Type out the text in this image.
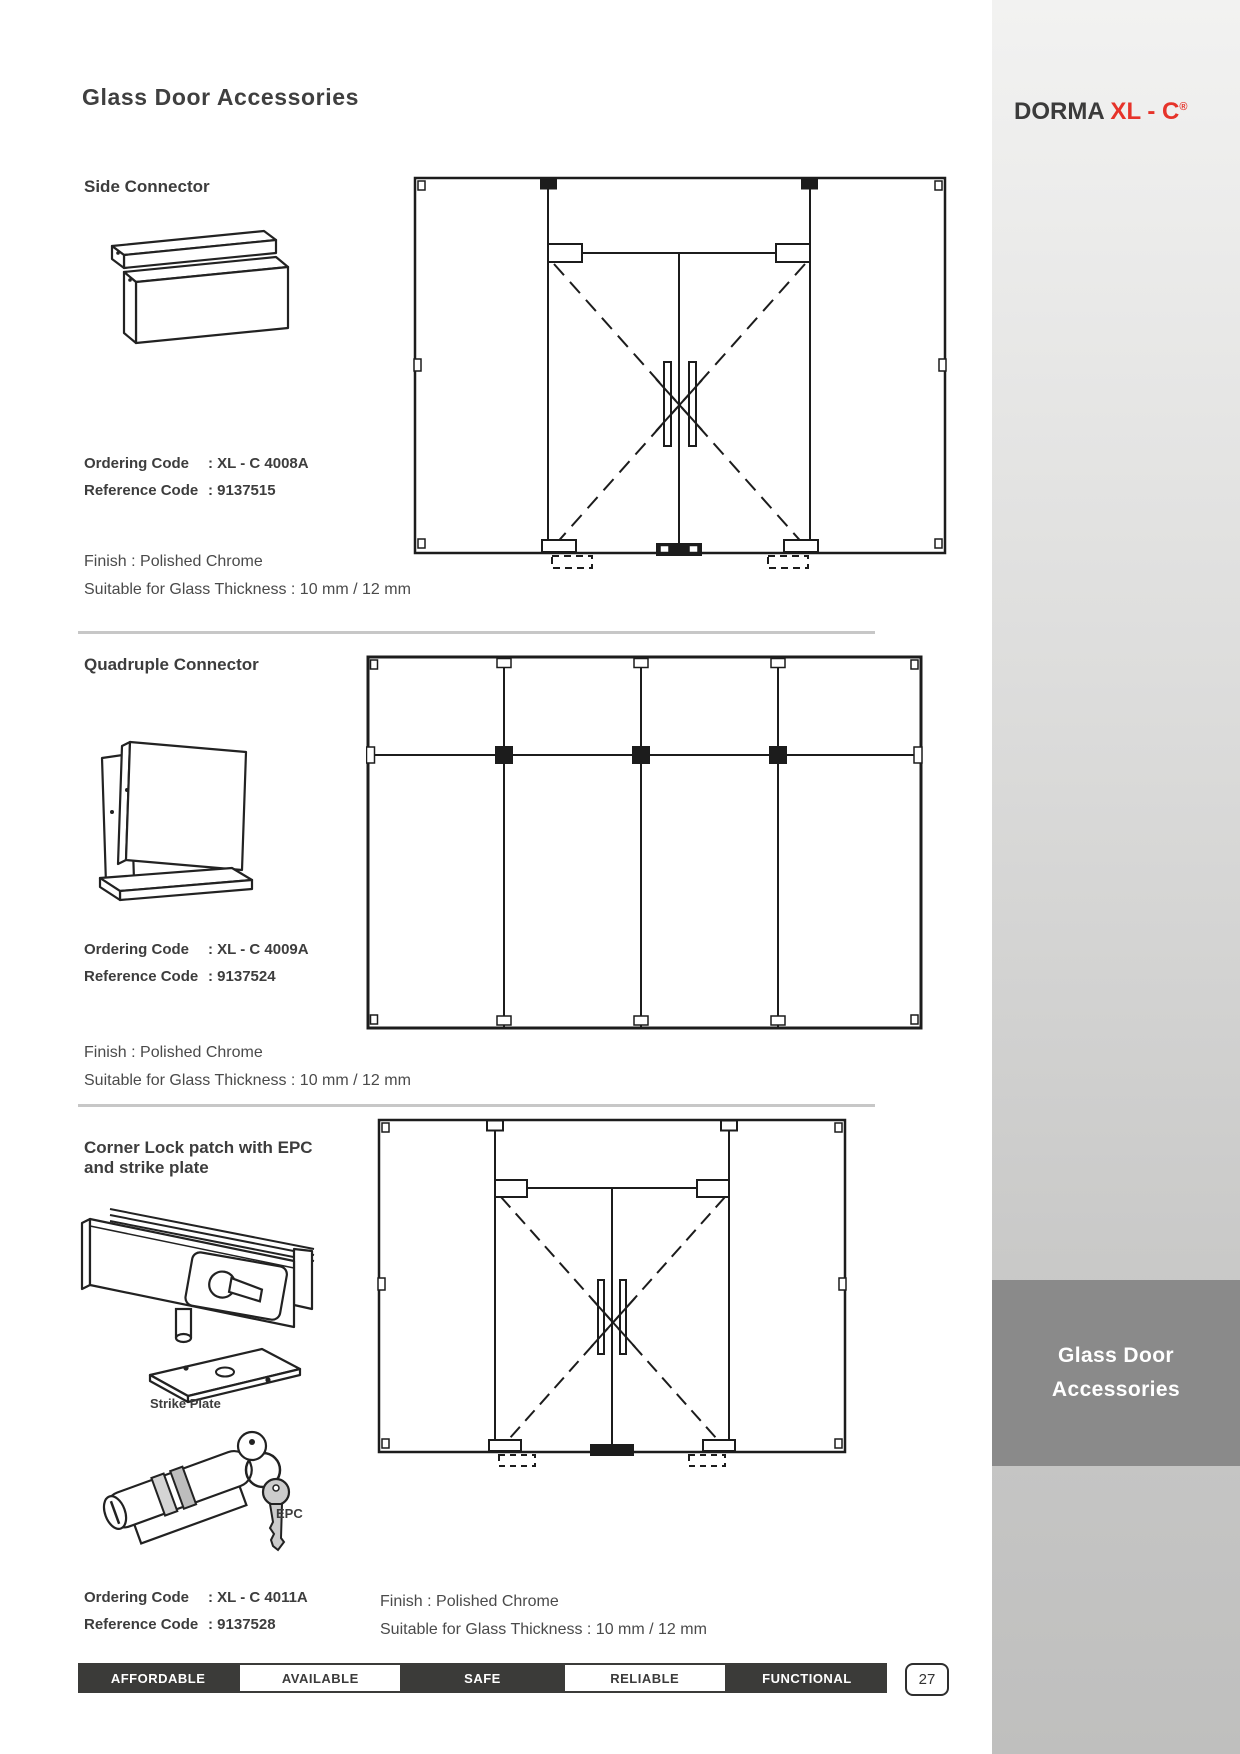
Glass Door
Accessories
Glass Door Accessories
DORMA XL - C®
Side Connector
Ordering Code	: XL - C 4008A
Reference Code : 9137515
Finish : Polished Chrome
Suitable for Glass Thickness : 10 mm / 12 mm
Quadruple Connector
Ordering Code	: XL - C 4009A
Reference Code : 9137524
Finish : Polished Chrome
Suitable for Glass Thickness : 10 mm / 12 mm
Corner Lock patch with EPC
and strike plate
Strike Plate
EPC
Ordering Code	: XL - C 4011A
Reference Code : 9137528
Finish : Polished Chrome
Suitable for Glass Thickness : 10 mm / 12 mm
AFFORDABLE	AVAILABLE	SAFE	RELIABLE	FUNCTIONAL	27
